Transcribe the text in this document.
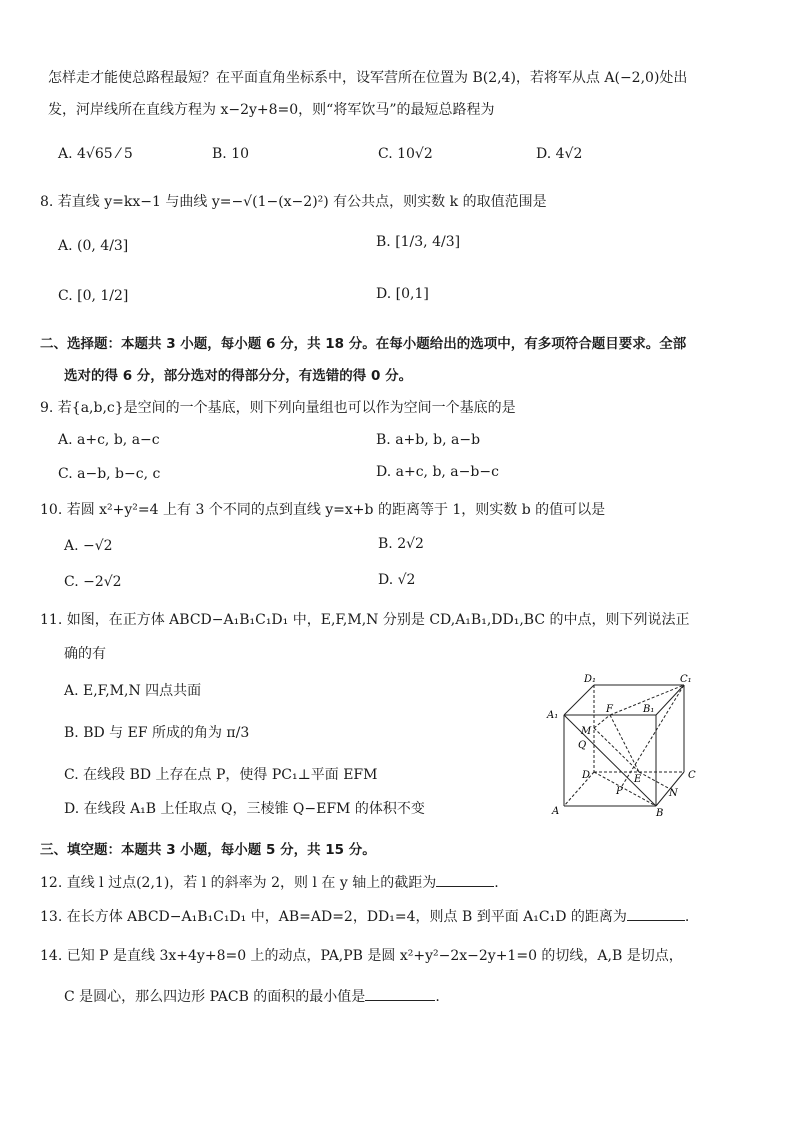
怎样走才能使总路程最短？在平面直角坐标系中，设军营所在位置为 B(2,4)，若将军从点 A(−2,0)处出
发，河岸线所在直线方程为 x−2y+8=0，则“将军饮马”的最短总路程为
A. 4√65 ⁄ 5	B. 10	C. 10√2	D. 4√2
8. 若直线 y=kx−1 与曲线 y=−√(1−(x−2)²) 有公共点，则实数 k 的取值范围是
A. (0, 4/3]	B. [1/3, 4/3]
C. [0, 1/2]	D. [0,1]
二、选择题：本题共 3 小题，每小题 6 分，共 18 分。在每小题给出的选项中，有多项符合题目要求。全部
选对的得 6 分，部分选对的得部分分，有选错的得 0 分。
9. 若{a,b,c}是空间的一个基底，则下列向量组也可以作为空间一个基底的是
A. a+c, b, a−c	B. a+b, b, a−b
C. a−b, b−c, c	D. a+c, b, a−b−c
10. 若圆 x²+y²=4 上有 3 个不同的点到直线 y=x+b 的距离等于 1，则实数 b 的值可以是
A. −√2	B. 2√2
C. −2√2	D. √2
11. 如图，在正方体 ABCD−A₁B₁C₁D₁ 中，E,F,M,N 分别是 CD,A₁B₁,DD₁,BC 的中点，则下列说法正
确的有
A. E,F,M,N 四点共面
B. BD 与 EF 所成的角为 π/3
C. 在线段 BD 上存在点 P，使得 PC₁⊥平面 EFM
D. 在线段 A₁B 上任取点 Q，三棱锥 Q−EFM 的体积不变
D₁	C₁
A₁
B₁
F
M
Q
D	C
E
P	N
A	B
三、填空题：本题共 3 小题，每小题 5 分，共 15 分。
12. 直线 l 过点(2,1)，若 l 的斜率为 2，则 l 在 y 轴上的截距为	.
13. 在长方体 ABCD−A₁B₁C₁D₁ 中，AB=AD=2，DD₁=4，则点 B 到平面 A₁C₁D 的距离为	.
14. 已知 P 是直线 3x+4y+8=0 上的动点，PA,PB 是圆 x²+y²−2x−2y+1=0 的切线，A,B 是切点，
C 是圆心，那么四边形 PACB 的面积的最小值是	.
